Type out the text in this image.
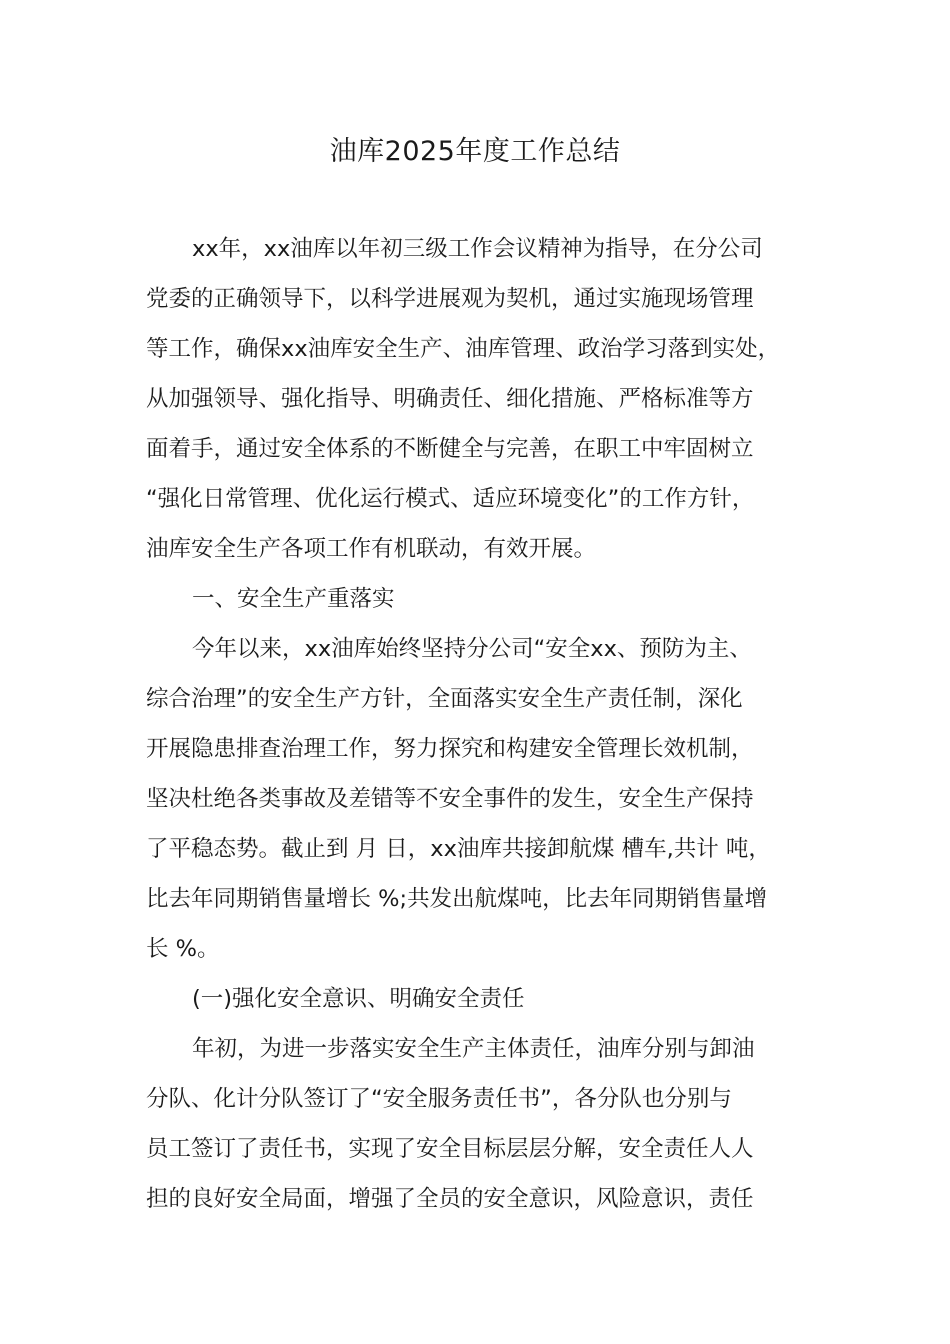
油库2025年度工作总结
xx年，xx油库以年初三级工作会议精神为指导，在分公司
党委的正确领导下，以科学进展观为契机，通过实施现场管理
等工作，确保xx油库安全生产、油库管理、政治学习落到实处，
从加强领导、强化指导、明确责任、细化措施、严格标准等方
面着手，通过安全体系的不断健全与完善，在职工中牢固树立
“强化日常管理、优化运行模式、适应环境变化”的工作方针，
油库安全生产各项工作有机联动，有效开展。
一、安全生产重落实
今年以来，xx油库始终坚持分公司“安全xx、预防为主、
综合治理”的安全生产方针，全面落实安全生产责任制，深化
开展隐患排查治理工作，努力探究和构建安全管理长效机制，
坚决杜绝各类事故及差错等不安全事件的发生，安全生产保持
了平稳态势。截止到 月 日，xx油库共接卸航煤 槽车,共计 吨，
比去年同期销售量增长 %;共发出航煤吨，比去年同期销售量增
长 %。
(一)强化安全意识、明确安全责任
年初，为进一步落实安全生产主体责任，油库分别与卸油
分队、化计分队签订了“安全服务责任书”，各分队也分别与
员工签订了责任书，实现了安全目标层层分解，安全责任人人
担的良好安全局面，增强了全员的安全意识，风险意识，责任
